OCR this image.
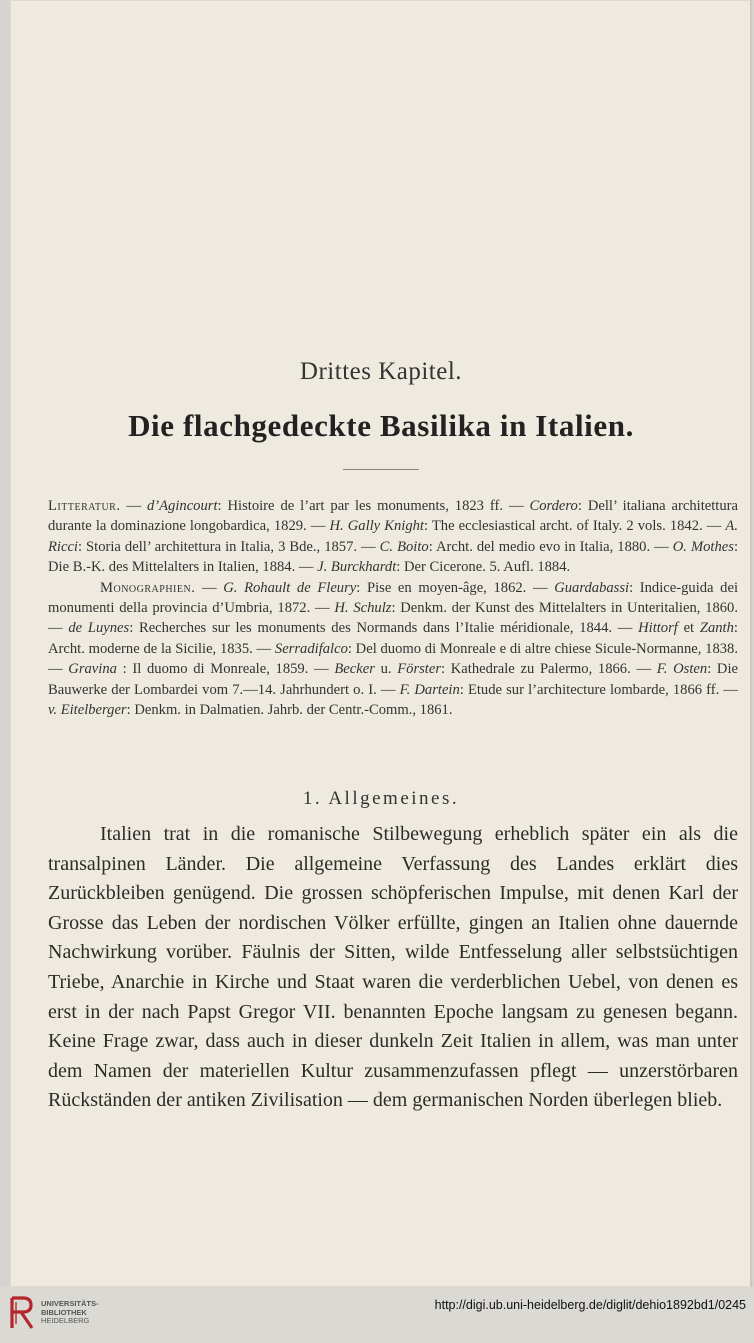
Drittes Kapitel.
Die flachgedeckte Basilika in Italien.

Litteratur. — d’Agincourt: Histoire de l’art par les monuments, 1823 ff. — Cordero: Dell’ italiana architettura durante la dominazione longobardica, 1829. — H. Gally Knight: The ecclesiastical archt. of Italy. 2 vols. 1842. — A. Ricci: Storia dell’ architettura in Italia, 3 Bde., 1857. — C. Boito: Archt. del medio evo in Italia, 1880. — O. Mothes: Die B.-K. des Mittelalters in Italien, 1884. — J. Burckhardt: Der Cicerone. 5. Aufl. 1884.

Monographien. — G. Rohault de Fleury: Pise en moyen-âge, 1862. — Guardabassi: Indice-guida dei monumenti della provincia d’Umbria, 1872. — H. Schulz: Denkm. der Kunst des Mittelalters in Unteritalien, 1860. — de Luynes: Recherches sur les monuments des Normands dans l’Italie méridionale, 1844. — Hittorf et Zanth: Archt. moderne de la Sicilie, 1835. — Serradifalco: Del duomo di Monreale e di altre chiese Sicule-Normanne, 1838. — Gravina : Il duomo di Monreale, 1859. — Becker u. Förster: Kathedrale zu Palermo, 1866. — F. Osten: Die Bauwerke der Lombardei vom 7.—14. Jahrhundert o. I. — F. Dartein: Etude sur l’architecture lombarde, 1866 ff. — v. Eitelberger: Denkm. in Dalmatien. Jahrb. der Centr.-Comm., 1861.

1. Allgemeines.

Italien trat in die romanische Stilbewegung erheblich später ein als die transalpinen Länder. Die allgemeine Verfassung des Landes erklärt dies Zurückbleiben genügend. Die grossen schöpferischen Impulse, mit denen Karl der Grosse das Leben der nordischen Völker erfüllte, gingen an Italien ohne dauernde Nachwirkung vorüber. Fäulnis der Sitten, wilde Entfesselung aller selbstsüchtigen Triebe, Anarchie in Kirche und Staat waren die verderblichen Uebel, von denen es erst in der nach Papst Gregor VII. benannten Epoche langsam zu genesen begann. Keine Frage zwar, dass auch in dieser dunkeln Zeit Italien in allem, was man unter dem Namen der materiellen Kultur zusammenzufassen pflegt — unzerstörbaren Rückständen der antiken Zivilisation — dem germanischen Norden überlegen blieb.

UNIVERSITÄTS-
BIBLIOTHEK
HEIDELBERG
http://digi.ub.uni-heidelberg.de/diglit/dehio1892bd1/0245
